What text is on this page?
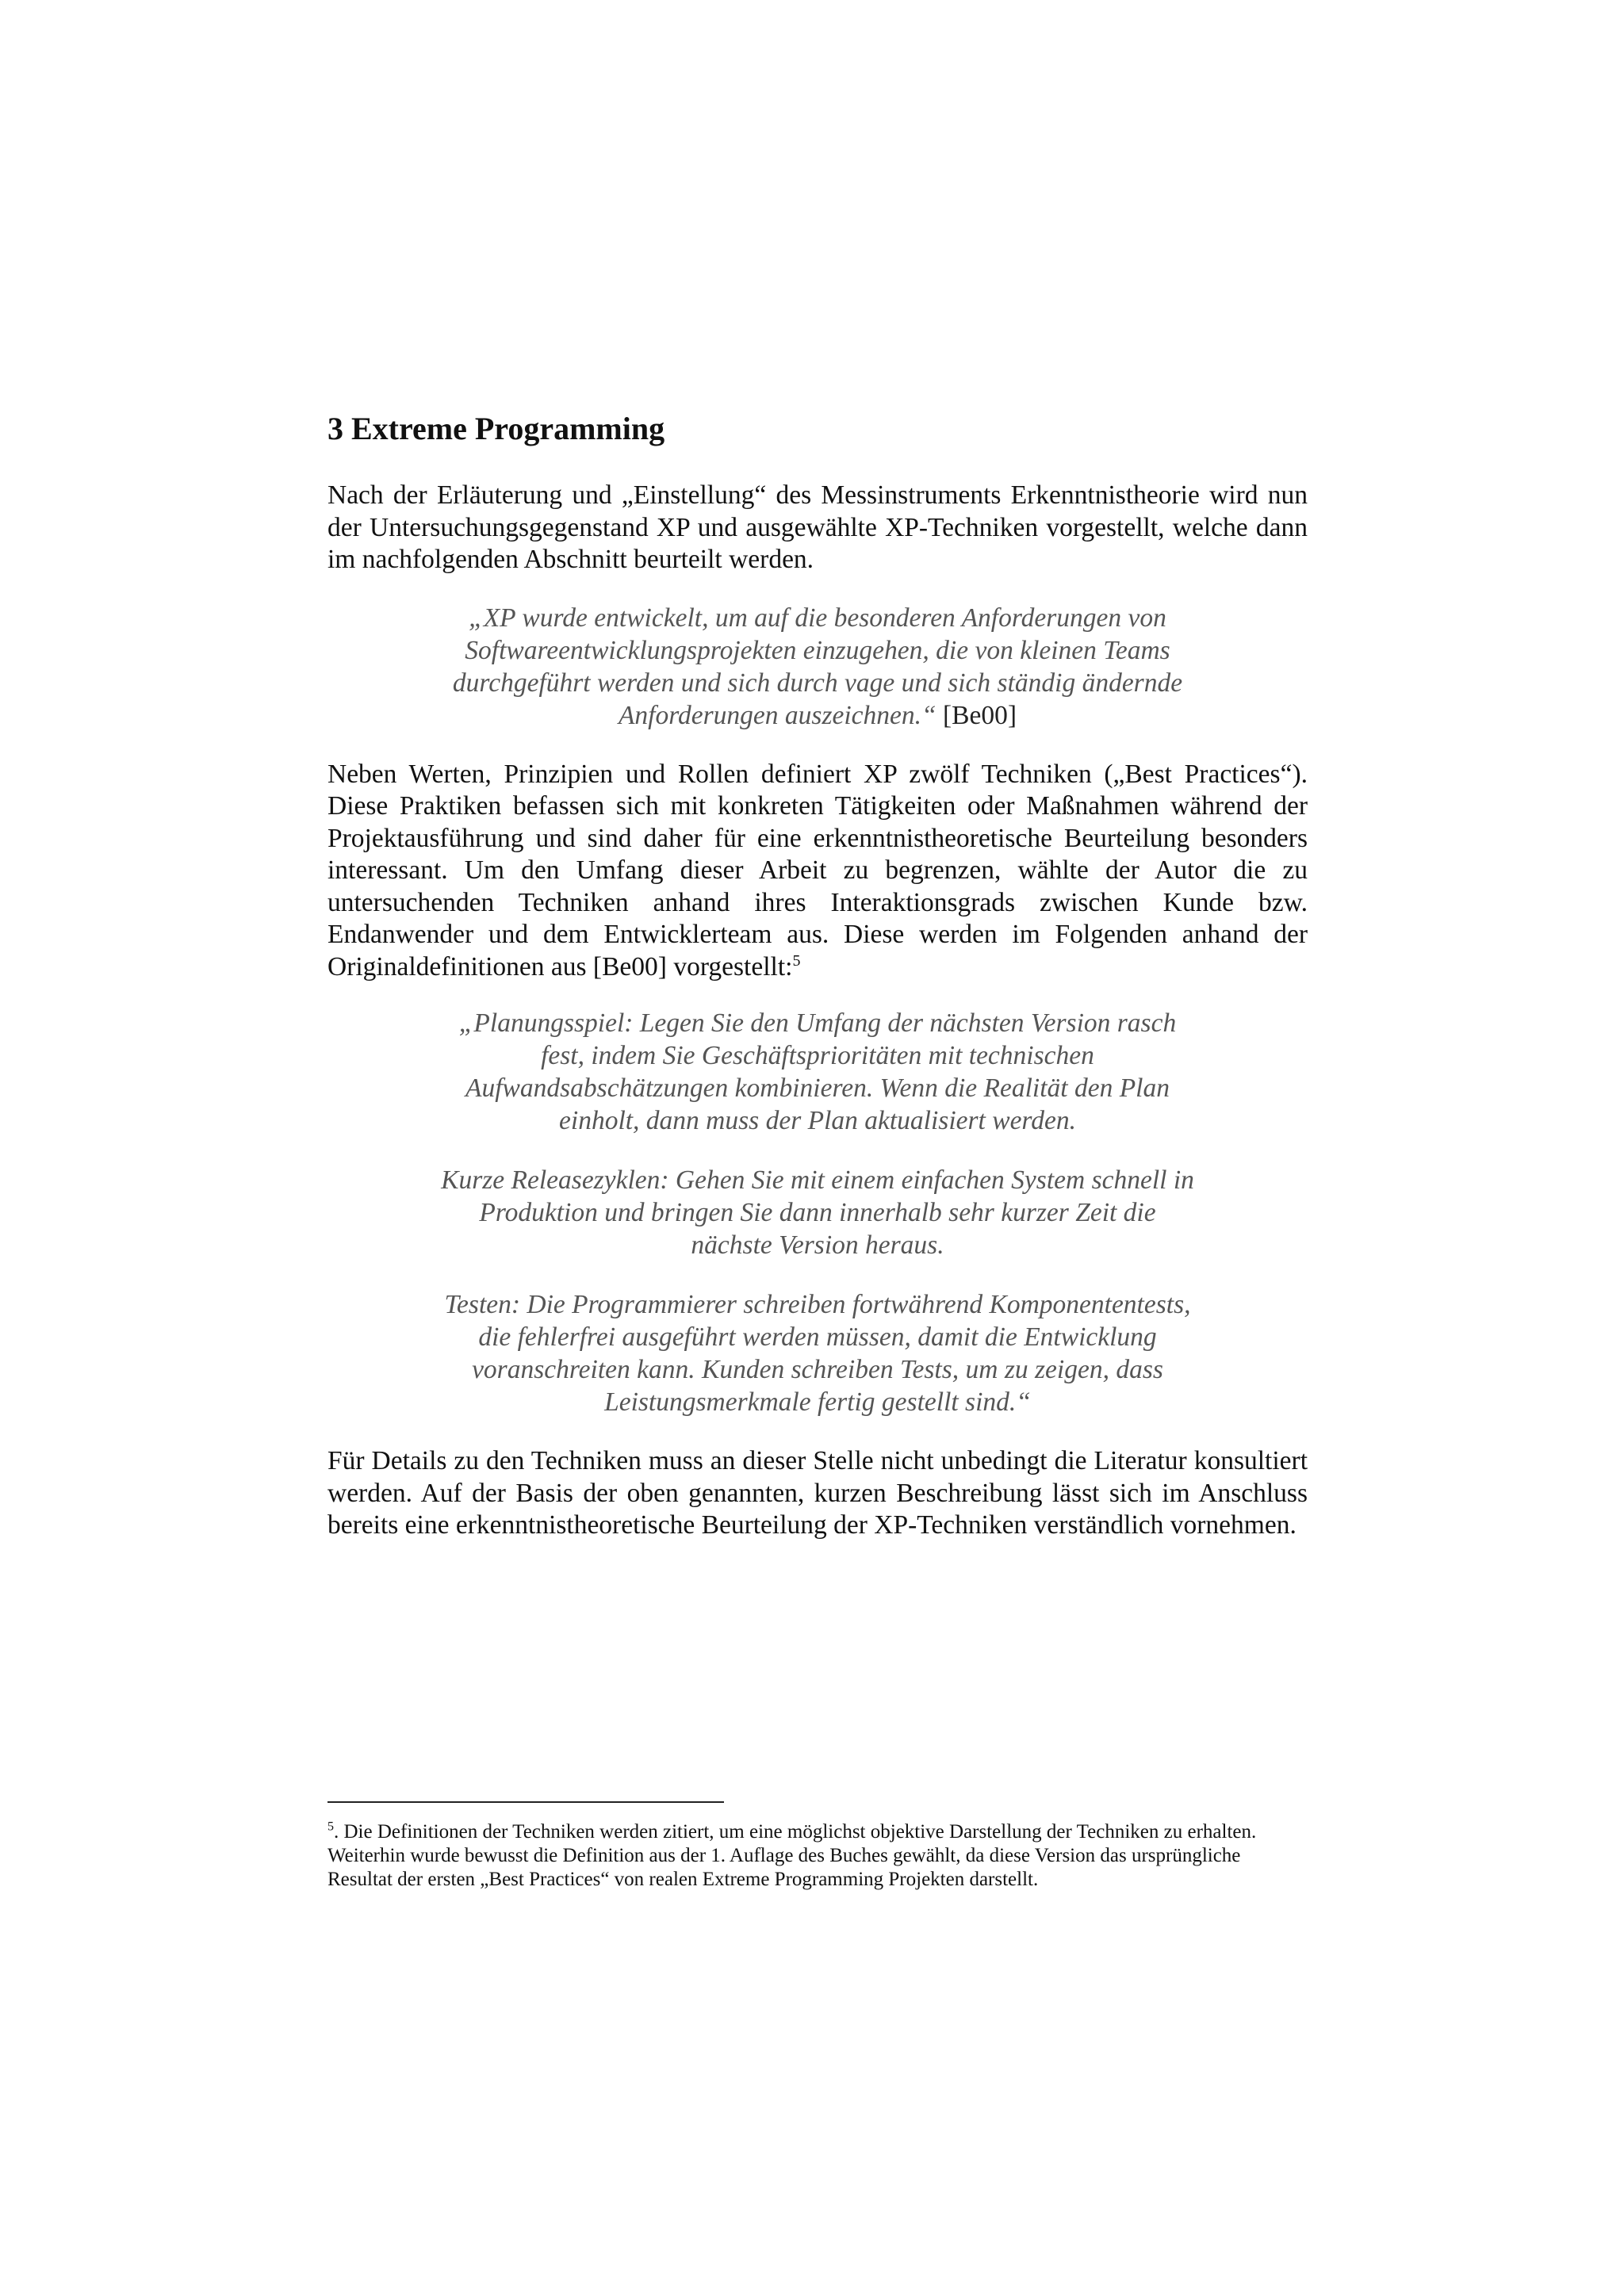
3 Extreme Programming

Nach der Erläuterung und „Einstellung“ des Messinstruments Erkenntnistheorie wird nun der Untersuchungsgegenstand XP und ausgewählte XP-Techniken vorgestellt, welche dann im nachfolgenden Abschnitt beurteilt werden.

„XP wurde entwickelt, um auf die besonderen Anforderungen von Softwareentwicklungsprojekten einzugehen, die von kleinen Teams durchgeführt werden und sich durch vage und sich ständig ändernde Anforderungen auszeichnen.“ [Be00]

Neben Werten, Prinzipien und Rollen definiert XP zwölf Techniken („Best Practices“). Diese Praktiken befassen sich mit konkreten Tätigkeiten oder Maßnahmen während der Projektausführung und sind daher für eine erkenntnistheoretische Beurteilung besonders interessant. Um den Umfang dieser Arbeit zu begrenzen, wählte der Autor die zu untersuchenden Techniken anhand ihres Interaktionsgrads zwischen Kunde bzw. Endanwender und dem Entwicklerteam aus. Diese werden im Folgenden anhand der Originaldefinitionen aus [Be00] vorgestellt:$^5$

„Planungsspiel: Legen Sie den Umfang der nächsten Version rasch fest, indem Sie Geschäftsprioritäten mit technischen Aufwandsabschätzungen kombinieren. Wenn die Realität den Plan einholt, dann muss der Plan aktualisiert werden.
Kurze Releasezyklen: Gehen Sie mit einem einfachen System schnell in Produktion und bringen Sie dann innerhalb sehr kurzer Zeit die nächste Version heraus.
Testen: Die Programmierer schreiben fortwährend Komponententests, die fehlerfrei ausgeführt werden müssen, damit die Entwicklung voranschreiten kann. Kunden schreiben Tests, um zu zeigen, dass Leistungsmerkmale fertig gestellt sind.“

Für Details zu den Techniken muss an dieser Stelle nicht unbedingt die Literatur konsultiert werden. Auf der Basis der oben genannten, kurzen Beschreibung lässt sich im Anschluss bereits eine erkenntnistheoretische Beurteilung der XP-Techniken verständlich vornehmen.

$^5$. Die Definitionen der Techniken werden zitiert, um eine möglichst objektive Darstellung der Techniken zu erhalten. Weiterhin wurde bewusst die Definition aus der 1. Auflage des Buches gewählt, da diese Version das ursprüngliche Resultat der ersten „Best Practices“ von realen Extreme Programming Projekten darstellt.
